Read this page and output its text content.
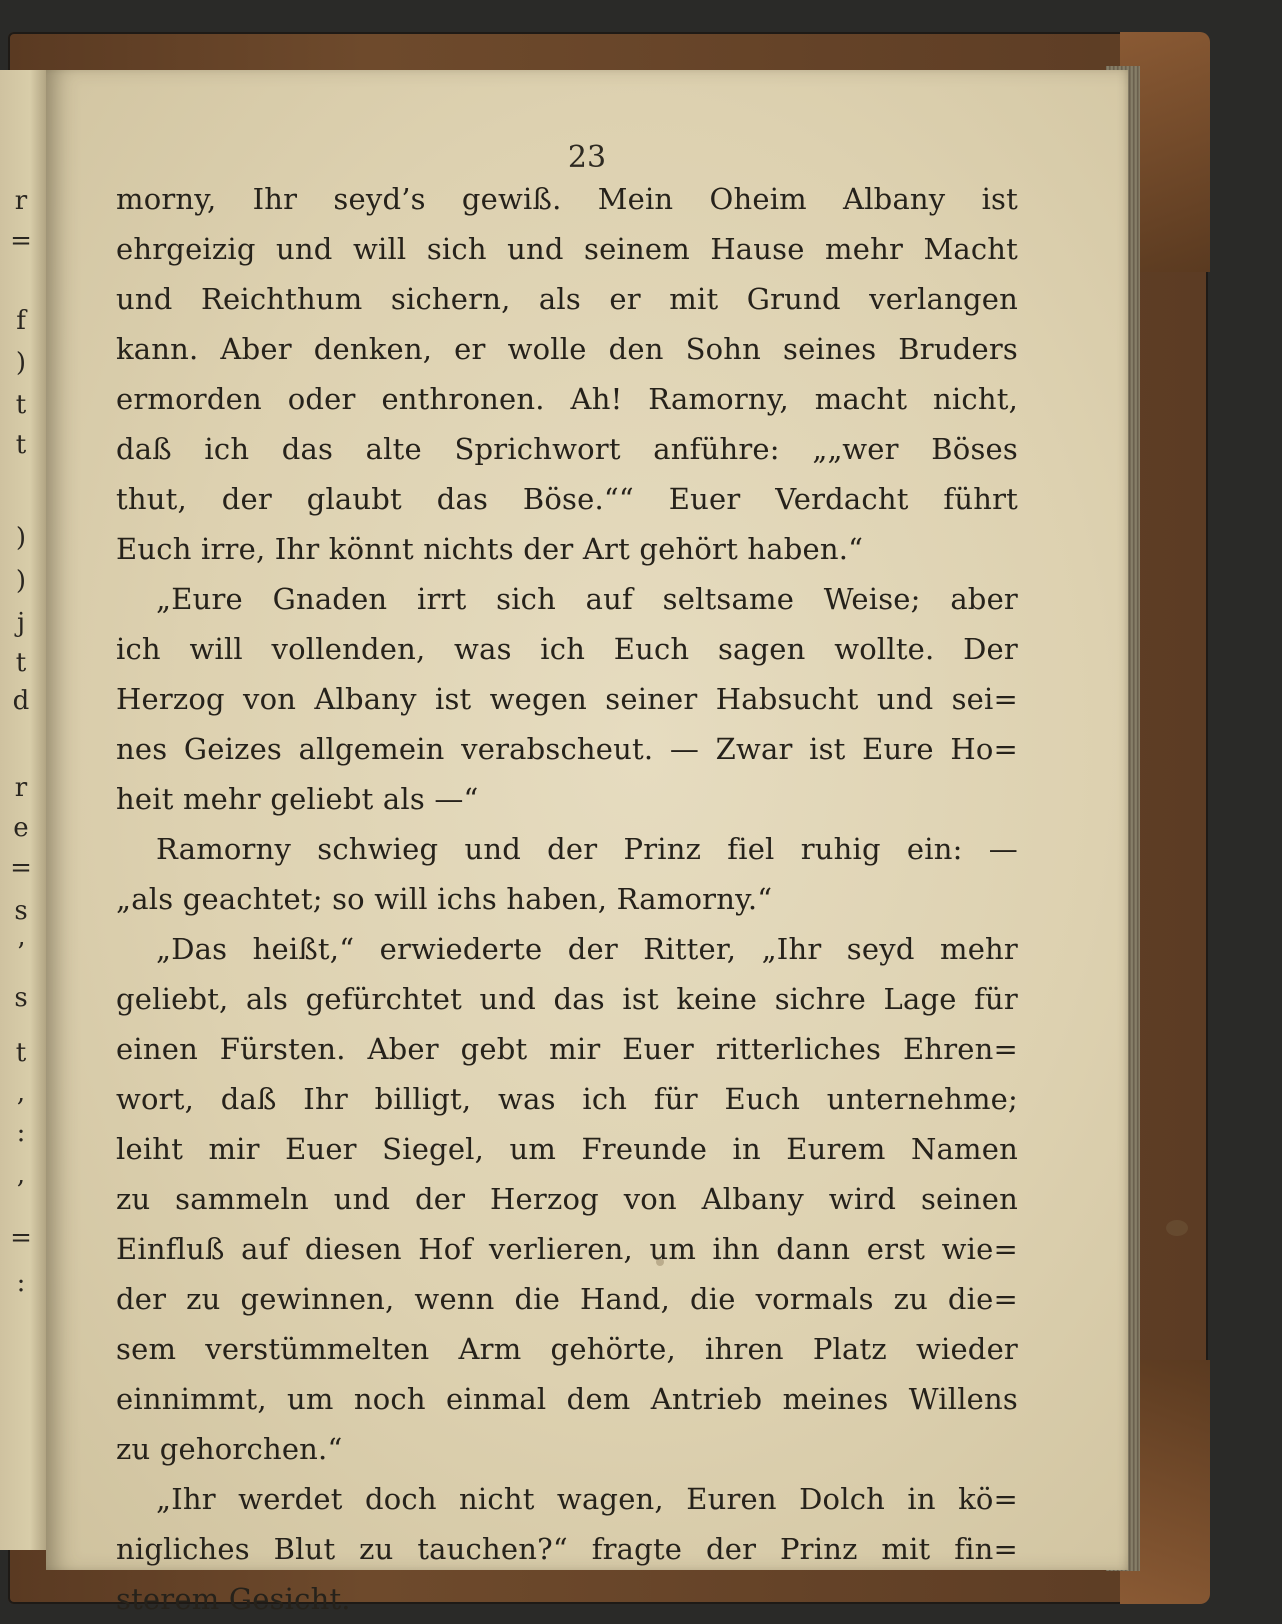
r
=
f
)
t
t
)
)
j
t
d
r
e
=
s
’
s
t
,
:
,
=
:
23
morny, Ihr seyd’s gewiß. Mein Oheim Albany ist
ehrgeizig und will sich und seinem Hause mehr Macht
und Reichthum sichern, als er mit Grund verlangen
kann. Aber denken, er wolle den Sohn seines Bruders
ermorden oder enthronen. Ah! Ramorny, macht nicht,
daß ich das alte Sprichwort anführe: „„wer Böses
thut, der glaubt das Böse.““ Euer Verdacht führt
Euch irre, Ihr könnt nichts der Art gehört haben.“
„Eure Gnaden irrt sich auf seltsame Weise; aber
ich will vollenden, was ich Euch sagen wollte. Der
Herzog von Albany ist wegen seiner Habsucht und sei=
nes Geizes allgemein verabscheut. — Zwar ist Eure Ho=
heit mehr geliebt als —“
Ramorny schwieg und der Prinz fiel ruhig ein: —
„als geachtet; so will ichs haben, Ramorny.“
„Das heißt,“ erwiederte der Ritter, „Ihr seyd mehr
geliebt, als gefürchtet und das ist keine sichre Lage für
einen Fürsten. Aber gebt mir Euer ritterliches Ehren=
wort, daß Ihr billigt, was ich für Euch unternehme;
leiht mir Euer Siegel, um Freunde in Eurem Namen
zu sammeln und der Herzog von Albany wird seinen
Einfluß auf diesen Hof verlieren, um ihn dann erst wie=
der zu gewinnen, wenn die Hand, die vormals zu die=
sem verstümmelten Arm gehörte, ihren Platz wieder
einnimmt, um noch einmal dem Antrieb meines Willens
zu gehorchen.“
„Ihr werdet doch nicht wagen, Euren Dolch in kö=
nigliches Blut zu tauchen?“ fragte der Prinz mit fin=
sterem Gesicht.
